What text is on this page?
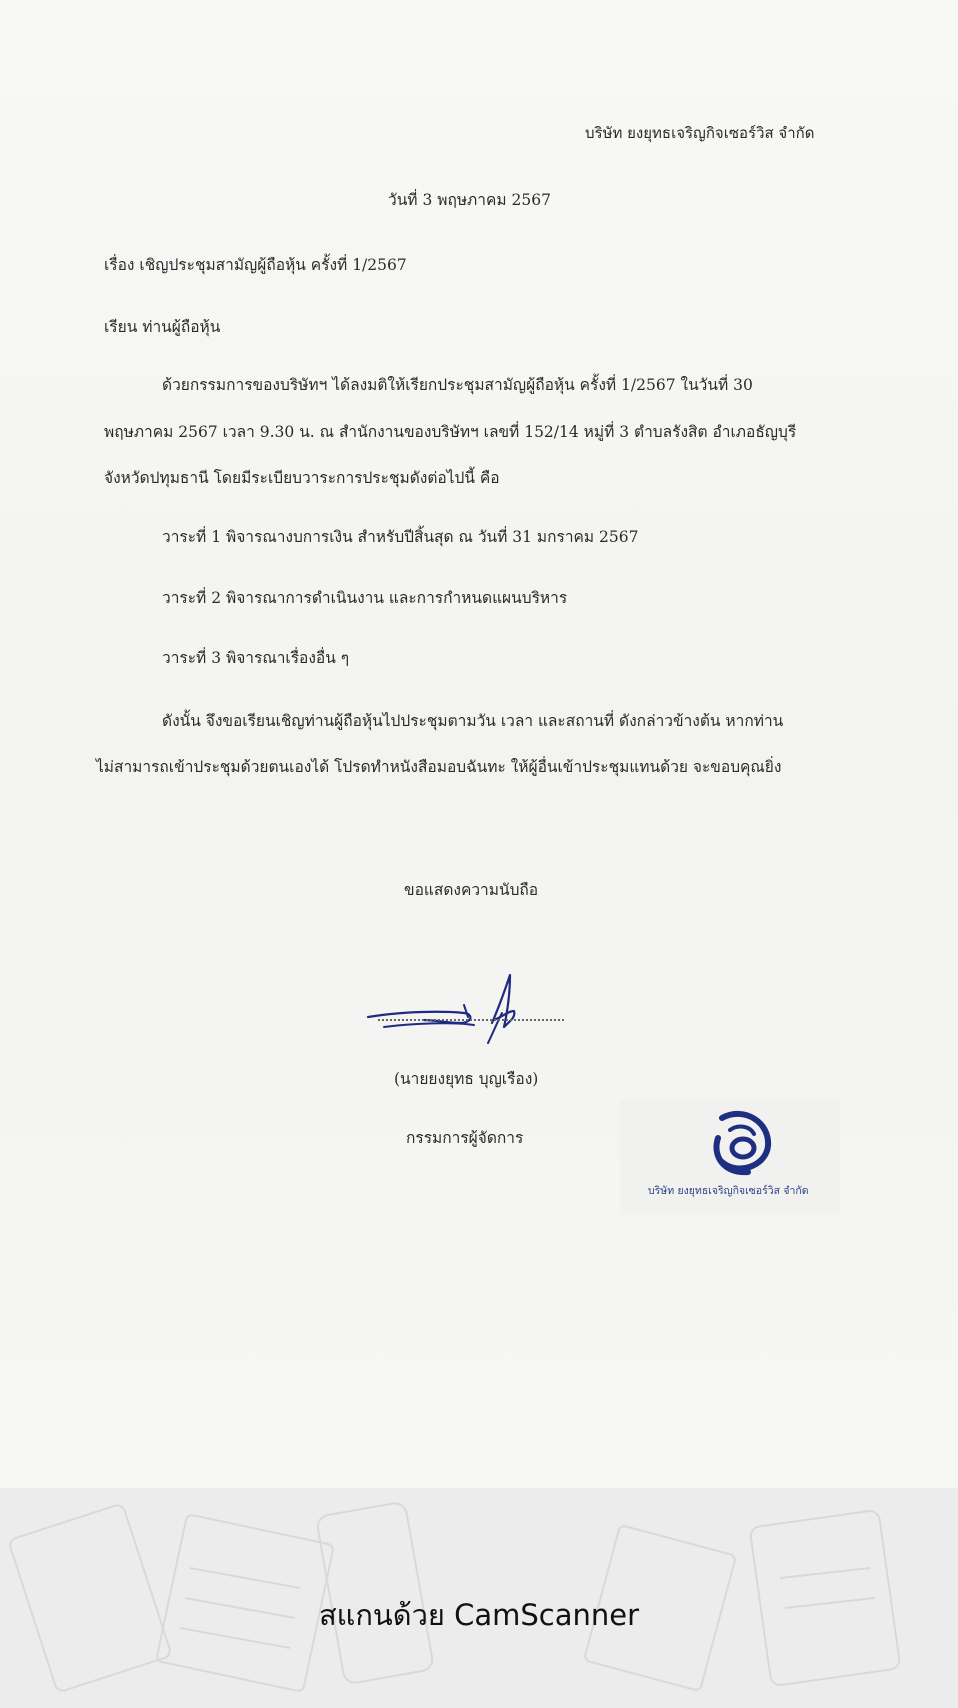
บริษัท ยงยุทธเจริญกิจเซอร์วิส จำกัด
วันที่ 3 พฤษภาคม 2567
เรื่อง เชิญประชุมสามัญผู้ถือหุ้น ครั้งที่ 1/2567
เรียน ท่านผู้ถือหุ้น
ด้วยกรรมการของบริษัทฯ ได้ลงมติให้เรียกประชุมสามัญผู้ถือหุ้น ครั้งที่ 1/2567 ในวันที่ 30
พฤษภาคม 2567 เวลา 9.30 น. ณ สำนักงานของบริษัทฯ เลขที่ 152/14 หมู่ที่ 3 ตำบลรังสิต อำเภอธัญบุรี
จังหวัดปทุมธานี โดยมีระเบียบวาระการประชุมดังต่อไปนี้ คือ
วาระที่ 1 พิจารณางบการเงิน สำหรับปีสิ้นสุด ณ วันที่ 31 มกราคม 2567
วาระที่ 2 พิจารณาการดำเนินงาน และการกำหนดแผนบริหาร
วาระที่ 3 พิจารณาเรื่องอื่น ๆ
ดังนั้น จึงขอเรียนเชิญท่านผู้ถือหุ้นไปประชุมตามวัน เวลา และสถานที่ ดังกล่าวข้างต้น หากท่าน
ไม่สามารถเข้าประชุมด้วยตนเองได้ โปรดทำหนังสือมอบฉันทะ ให้ผู้อื่นเข้าประชุมแทนด้วย จะขอบคุณยิ่ง
ขอแสดงความนับถือ
(นายยงยุทธ บุญเรือง)
กรรมการผู้จัดการ
บริษัท ยงยุทธเจริญกิจเซอร์วิส จำกัด
สแกนด้วย CamScanner
